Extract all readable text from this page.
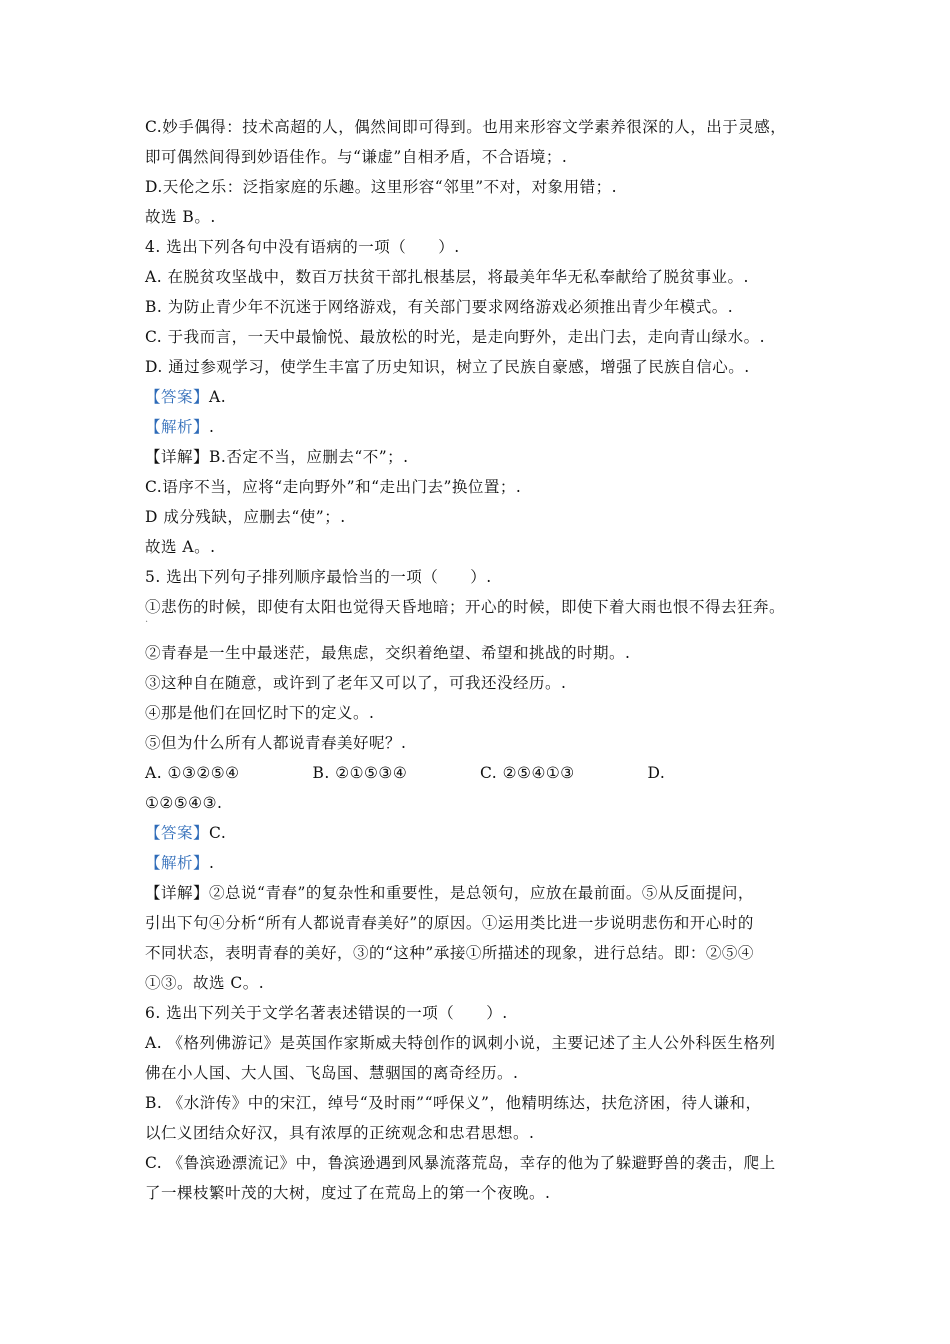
C.妙手偶得：技术高超的人，偶然间即可得到。也用来形容文学素养很深的人，出于灵感，
即可偶然间得到妙语佳作。与“谦虚”自相矛盾，不合语境；.
D.天伦之乐：泛指家庭的乐趣。这里形容“邻里”不对，对象用错；.
故选 B。.
4. 选出下列各句中没有语病的一项（　　）.
A. 在脱贫攻坚战中，数百万扶贫干部扎根基层，将最美年华无私奉献给了脱贫事业。.
B. 为防止青少年不沉迷于网络游戏，有关部门要求网络游戏必须推出青少年模式。.
C. 于我而言，一天中最愉悦、最放松的时光，是走向野外，走出门去，走向青山绿水。.
D. 通过参观学习，使学生丰富了历史知识，树立了民族自豪感，增强了民族自信心。.
【答案】A.
【解析】.
【详解】B.否定不当，应删去“不”；.
C.语序不当，应将“走向野外”和“走出门去”换位置；.
D 成分残缺，应删去“使”；.
故选 A。.
5. 选出下列句子排列顺序最恰当的一项（　　）.
①悲伤的时候，即使有太阳也觉得天昏地暗；开心的时候，即使下着大雨也恨不得去狂奔。
·
②青春是一生中最迷茫，最焦虑，交织着绝望、希望和挑战的时期。.
③这种自在随意，或许到了老年又可以了，可我还没经历。.
④那是他们在回忆时下的定义。.
⑤但为什么所有人都说青春美好呢？.
A. ①③②⑤④	B. ②①⑤③④	C. ②⑤④①③	D.
①②⑤④③.
【答案】C.
【解析】.
【详解】②总说“青春”的复杂性和重要性，是总领句，应放在最前面。⑤从反面提问，
引出下句④分析“所有人都说青春美好”的原因。①运用类比进一步说明悲伤和开心时的
不同状态，表明青春的美好，③的“这种”承接①所描述的现象，进行总结。即：②⑤④
①③。故选 C。.
6. 选出下列关于文学名著表述错误的一项（　　）.
A. 《格列佛游记》是英国作家斯威夫特创作的讽刺小说，主要记述了主人公外科医生格列
佛在小人国、大人国、飞岛国、慧骃国的离奇经历。.
B. 《水浒传》中的宋江，绰号“及时雨”“呼保义”，他精明练达，扶危济困，待人谦和，
以仁义团结众好汉，具有浓厚的正统观念和忠君思想。.
C. 《鲁滨逊漂流记》中，鲁滨逊遇到风暴流落荒岛，幸存的他为了躲避野兽的袭击，爬上
了一棵枝繁叶茂的大树，度过了在荒岛上的第一个夜晚。.
